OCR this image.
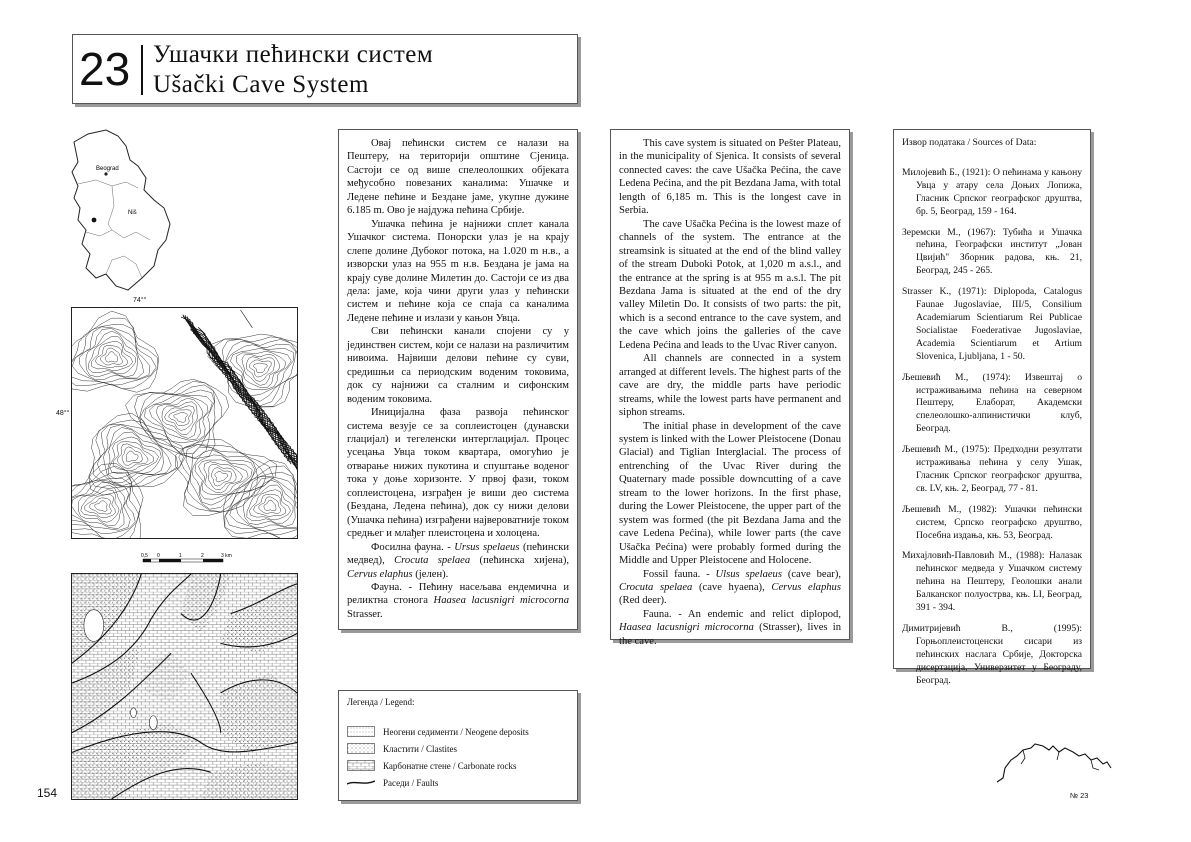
23 Ушачки пећински систем
Ušački Cave System
Beograd
Niš
74°°
48°°
0,5 0	1	2	3 km
154

Овај пећински систем се налази на Пештеру, на територији општине Сјеница. Састоји се од више спелеолошких објеката међусобно повезаних каналима: Ушачке и Ледене пећине и Бездане јаме, укупне дужине 6.185 m. Ово је најдужа пећина Србије.

Ушачка пећина је најнижи сплет канала Ушачког система. Понорски улаз је на крају слепе долине Дубоког потока, на 1.020 m н.в., а изворски улаз на 955 m н.в. Бездана је јама на крају суве долине Милетин до. Састоји се из два дела: јаме, која чини други улаз у пећински систем и пећине која се спаја са каналима Ледене пећине и излази у кањон Увца.

Сви пећински канали спојени су у јединствен систем, који се налази на различитим нивоима. Највиши делови пећине су суви, средишњи са периодским воденим токовима, док су најнижи са сталним и сифонским воденим токовима.

Иницијална фаза развоја пећинског система везује се за соплеистоцен (дунавски глацијал) и тегеленски интерглацијал. Процес усецања Увца током квартара, омогућио је отварање нижих пукотина и спуштање воденог тока у доње хоризонте. У првој фази, током соплеистоцена, изграђен је виши део система (Бездана, Ледена пећина), док су нижи делови (Ушачка пећина) изграђени највероватније током средњег и млађег плеистоцена и холоцена.

Фосилна фауна. - Ursus spelaeus (пећински медвед), Crocuta spelaea (пећинска хијена), Cervus elaphus (јелен).

Фауна. - Пећину насељава ендемична и реликтна стонога Haasea lacusnigri microcorna Strasser.

This cave system is situated on Pešter Plateau, in the municipality of Sjenica. It consists of several connected caves: the cave Ušačka Pećina, the cave Ledena Pećina, and the pit Bezdana Jama, with total length of 6,185 m. This is the longest cave in Serbia.

The cave Ušačka Pećina is the lowest maze of channels of the system. The entrance at the streamsink is situated at the end of the blind valley of the stream Duboki Potok, at 1,020 m a.s.l., and the entrance at the spring is at 955 m a.s.l. The pit Bezdana Jama is situated at the end of the dry valley Miletin Do. It consists of two parts: the pit, which is a second entrance to the cave system, and the cave which joins the galleries of the cave Ledena Pećina and leads to the Uvac River canyon.

All channels are connected in a system arranged at different levels. The highest parts of the cave are dry, the middle parts have periodic streams, while the lowest parts have permanent and siphon streams.

The initial phase in development of the cave system is linked with the Lower Pleistocene (Donau Glacial) and Tiglian Interglacial. The process of entrenching of the Uvac River during the Quaternary made possible downcutting of a cave stream to the lower horizons. In the first phase, during the Lower Pleistocene, the upper part of the system was formed (the pit Bezdana Jama and the cave Ledena Pećina), while lower parts (the cave Ušačka Pećina) were probably formed during the Middle and Upper Pleistocene and Holocene.

Fossil fauna. - Ulsus spelaeus (cave bear), Crocuta spelaea (cave hyaena), Cervus elaphus (Red deer).

Fauna. - An endemic and relict diplopod, Haasea lacusnigri microcorna (Strasser), lives in the cave.

Извор података / Sources of Data:

Милојевић Б., (1921): О пећинама у кањону Увца у атару села Доњих Лопижа, Гласник Српског географског друштва, бр. 5, Београд, 159 - 164.

Зеремски М., (1967): Тубића и Ушачка пећина, Географски институт „Јован Цвијић" Зборник радова, књ. 21, Београд, 245 - 265.

Strasser K., (1971): Diplopoda, Catalogus Faunae Jugoslaviae, III/5, Consilium Academiarum Scientiarum Rei Publicae Socialistae Foederativae Jugoslaviae, Academia Scientiarum et Artium Slovenica, Ljubljana, 1 - 50.

Љешевић М., (1974): Извештај о истраживањима пећина на северном Пештеру, Елаборат, Академски спелеолошко-алпинистички клуб, Београд.

Љешевић М., (1975): Предходни резултати истраживања пећина у селу Ушак, Гласник Српског географског друштва, св. LV, књ. 2, Београд, 77 - 81.

Љешевић М., (1982): Ушачки пећински систем, Српско географско друштво, Посебна издања, књ. 53, Београд.

Михајловић-Павловић М., (1988): Налазак пећинског медведа у Ушачком систему пећина на Пештеру, Геолошки анали Балканског полуострва, књ. LI, Београд, 391 - 394.

Димитријевић В., (1995): Горњоплеистоценски сисари из пећинских наслага Србије, Докторска дисертација, Универзитет у Београду, Београд.

Легенда / Legend:

Неогени седименти / Neogene deposits
Кластити / Clastites
Карбонатне стене / Carbonate rocks
Раседи / Faults
№ 23
